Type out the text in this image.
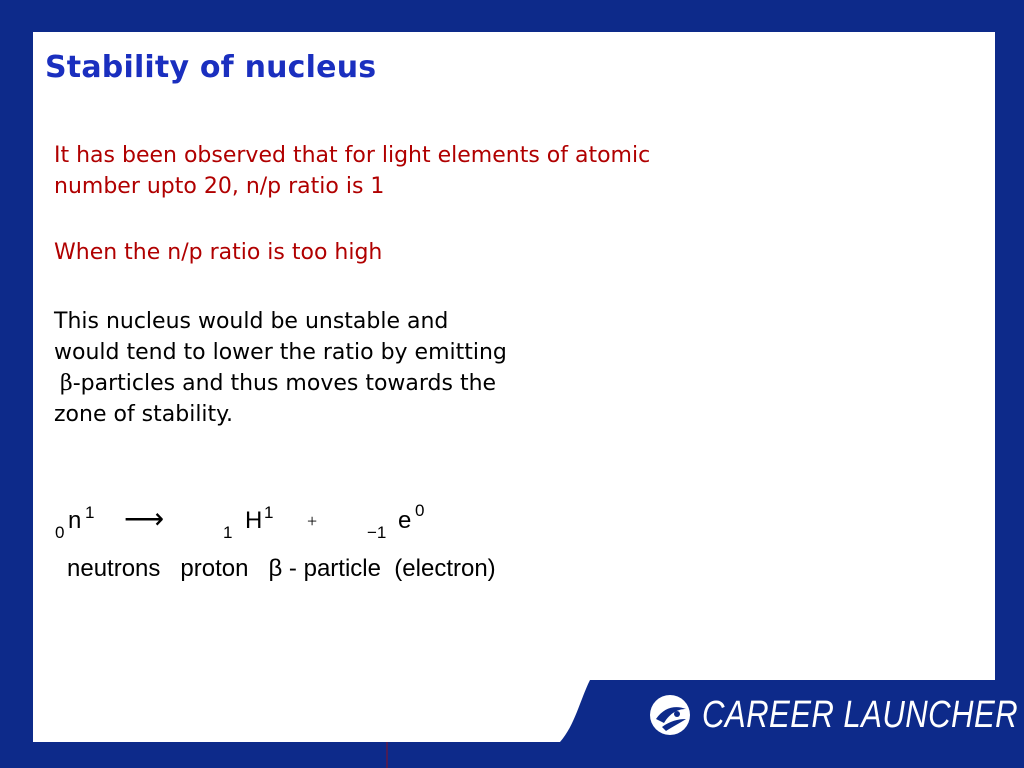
Stability of nucleus
It has been observed that for light elements of atomic number upto 20, n/p ratio is 1
When the n/p ratio is too high
This nucleus would be unstable and
would tend to lower the ratio by emitting
β-particles and thus moves towards the
zone of stability.
0 n 1 ⟶	1 H 1 +
−1 e 0
neutrons   proton   β - particle  (electron)
CAREER LAUNCHER
